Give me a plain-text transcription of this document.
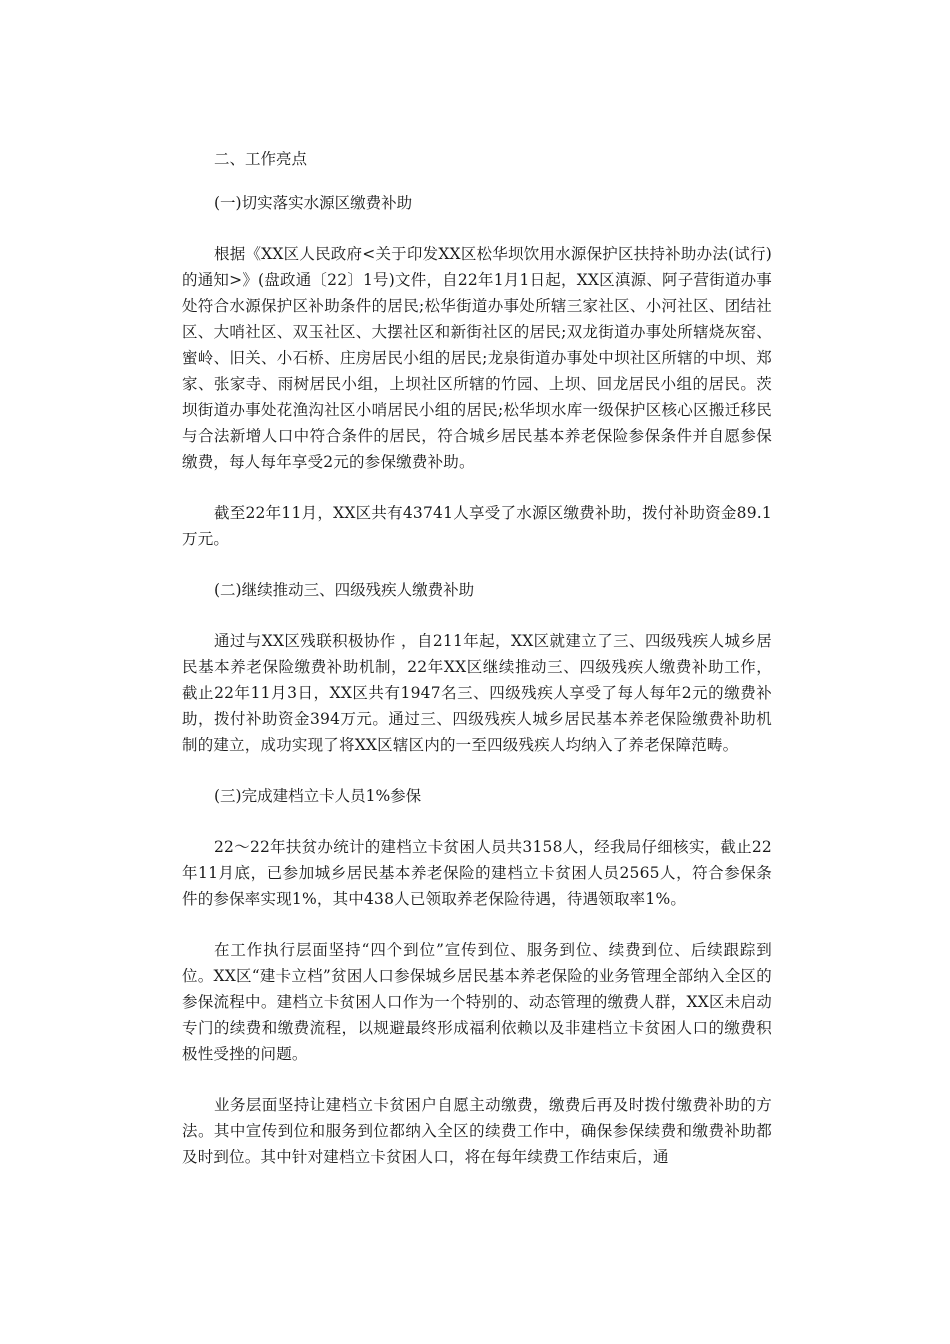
二、工作亮点

(一)切实落实水源区缴费补助

根据《XX区人民政府<关于印发XX区松华坝饮用水源保护区扶持补助办法(试行)的通知>》(盘政通〔22〕1号)文件，自22年1月1日起，XX区滇源、阿子营街道办事处符合水源保护区补助条件的居民;松华街道办事处所辖三家社区、小河社区、团结社区、大哨社区、双玉社区、大摆社区和新街社区的居民;双龙街道办事处所辖烧灰窑、蜜岭、旧关、小石桥、庄房居民小组的居民;龙泉街道办事处中坝社区所辖的中坝、郑家、张家寺、雨树居民小组，上坝社区所辖的竹园、上坝、回龙居民小组的居民。茨坝街道办事处花渔沟社区小哨居民小组的居民;松华坝水库一级保护区核心区搬迁移民与合法新增人口中符合条件的居民，符合城乡居民基本养老保险参保条件并自愿参保缴费，每人每年享受2元的参保缴费补助。

截至22年11月，XX区共有43741人享受了水源区缴费补助，拨付补助资金89.1万元。

(二)继续推动三、四级残疾人缴费补助

通过与XX区残联积极协作 ，自211年起，XX区就建立了三、四级残疾人城乡居民基本养老保险缴费补助机制，22年XX区继续推动三、四级残疾人缴费补助工作，截止22年11月3日，XX区共有1947名三、四级残疾人享受了每人每年2元的缴费补助，拨付补助资金394万元。通过三、四级残疾人城乡居民基本养老保险缴费补助机制的建立，成功实现了将XX区辖区内的一至四级残疾人均纳入了养老保障范畴。

(三)完成建档立卡人员1%参保

22～22年扶贫办统计的建档立卡贫困人员共3158人，经我局仔细核实，截止22年11月底，已参加城乡居民基本养老保险的建档立卡贫困人员2565人，符合参保条件的参保率实现1%，其中438人已领取养老保险待遇，待遇领取率1%。

在工作执行层面坚持“四个到位”宣传到位、服务到位、续费到位、后续跟踪到位。XX区“建卡立档”贫困人口参保城乡居民基本养老保险的业务管理全部纳入全区的参保流程中。建档立卡贫困人口作为一个特别的、动态管理的缴费人群，XX区未启动专门的续费和缴费流程，以规避最终形成福利依赖以及非建档立卡贫困人口的缴费积极性受挫的问题。

业务层面坚持让建档立卡贫困户自愿主动缴费，缴费后再及时拨付缴费补助的方法。其中宣传到位和服务到位都纳入全区的续费工作中，确保参保续费和缴费补助都及时到位。其中针对建档立卡贫困人口，将在每年续费工作结束后，通
